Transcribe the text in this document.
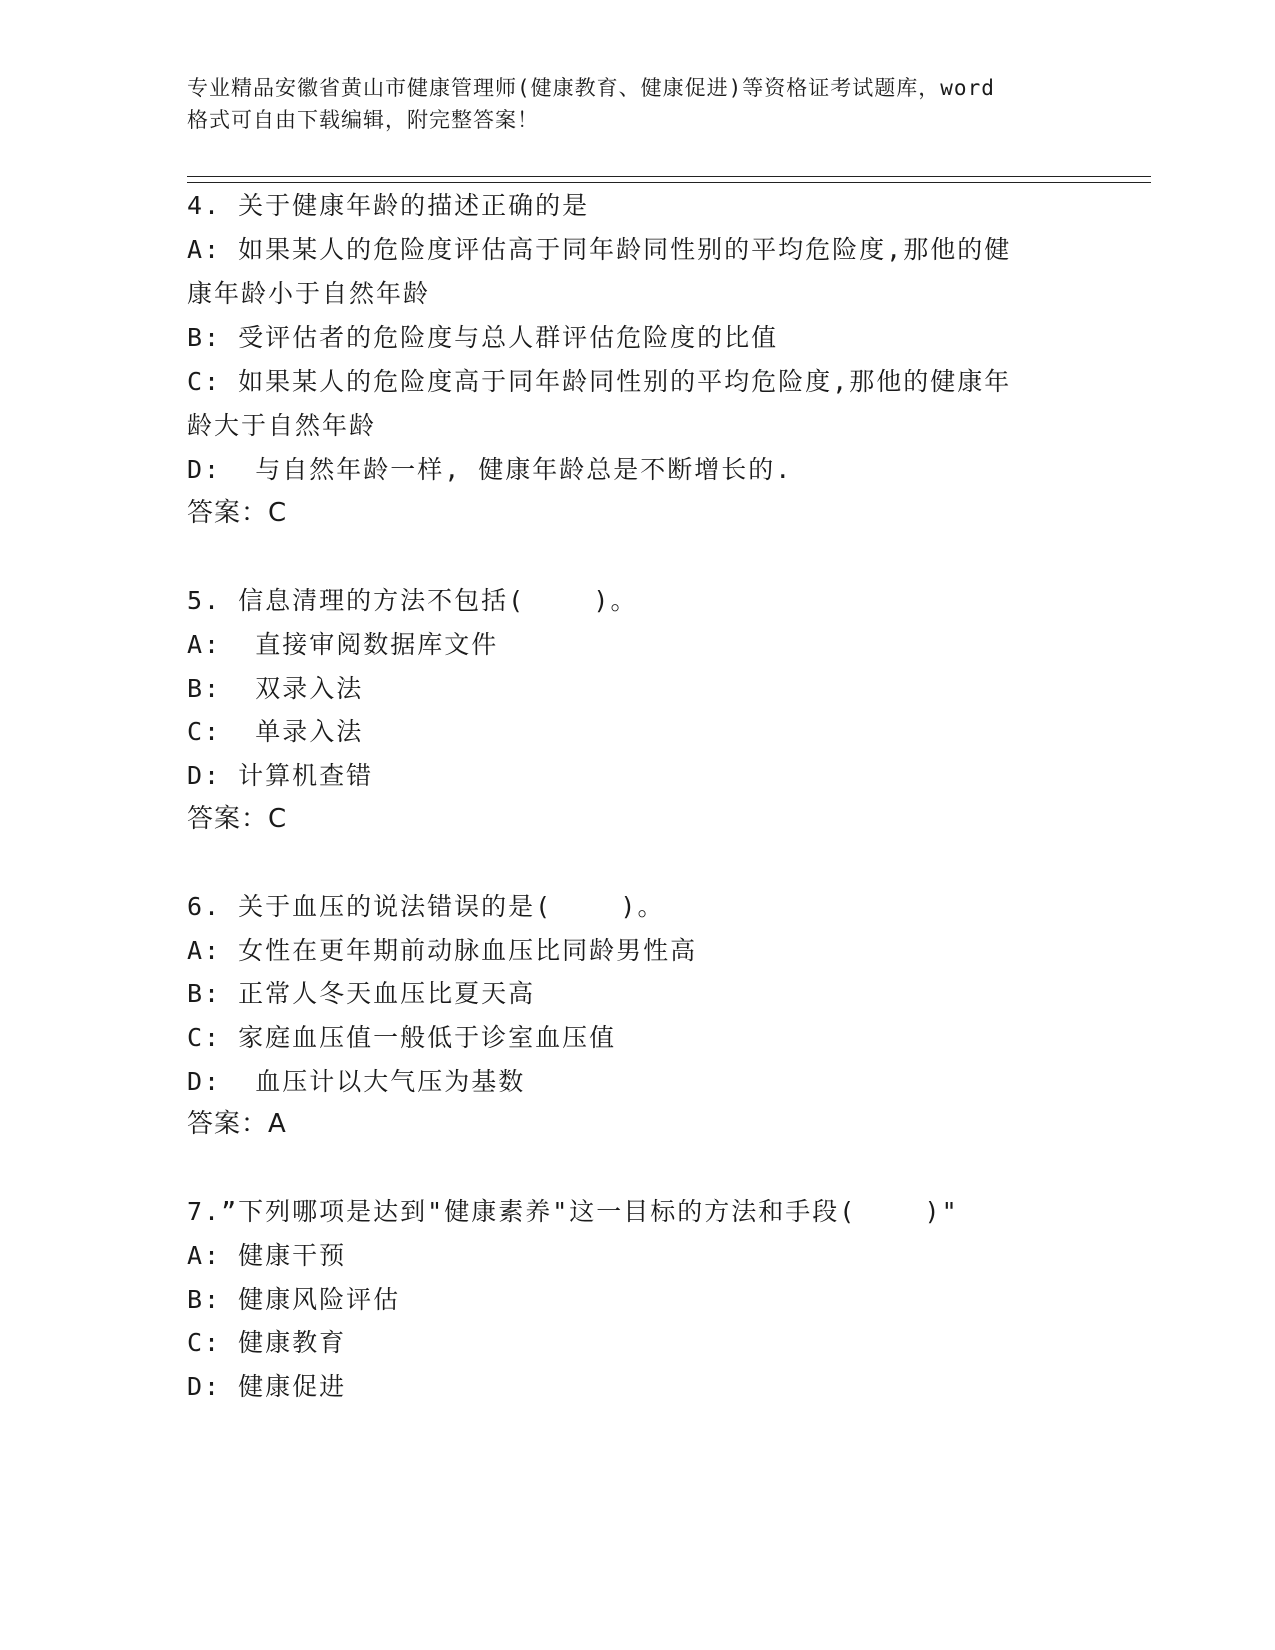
专业精品安徽省黄山市健康管理师(健康教育、健康促进)等资格证考试题库，word
格式可自由下载编辑，附完整答案！
4. 关于健康年龄的描述正确的是
A: 如果某人的危险度评估高于同年龄同性别的平均危险度,那他的健
康年龄小于自然年龄
B: 受评估者的危险度与总人群评估危险度的比值
C: 如果某人的危险度高于同年龄同性别的平均危险度,那他的健康年
龄大于自然年龄
D:  与自然年龄一样, 健康年龄总是不断增长的.
答案：C
5. 信息清理的方法不包括(    )。
A:  直接审阅数据库文件
B:  双录入法
C:  单录入法
D: 计算机查错
答案：C
6. 关于血压的说法错误的是(    )。
A: 女性在更年期前动脉血压比同龄男性高
B: 正常人冬天血压比夏天高
C: 家庭血压值一般低于诊室血压值
D:  血压计以大气压为基数
答案：A
7.”下列哪项是达到"健康素养"这一目标的方法和手段(    )"
A: 健康干预
B: 健康风险评估
C: 健康教育
D: 健康促进
